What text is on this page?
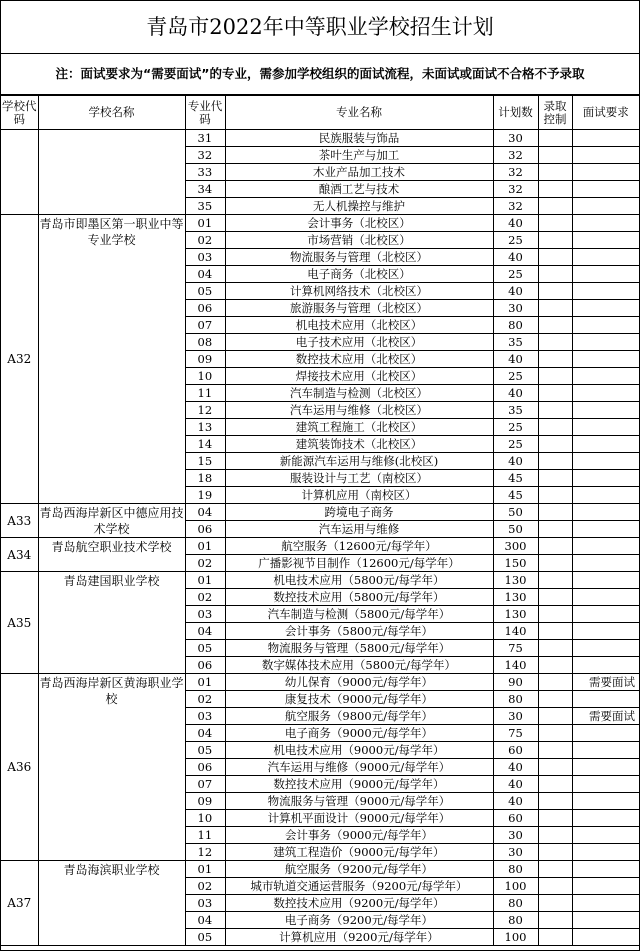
青岛市2022年中等职业学校招生计划
注：面试要求为“需要面试”的专业，需参加学校组织的面试流程，未面试或面试不合格不予录取
学校代码	学校名称	专业代码	专业名称	计划数	录取控制	面试要求
		31	民族服装与饰品	30		
		32	茶叶生产与加工	32		
		33	木业产品加工技术	32		
		34	酿酒工艺与技术	32		
		35	无人机操控与维护	32		
A32	青岛市即墨区第一职业中等专业学校	01	会计事务（北校区）	40		
		02	市场营销（北校区）	25		
		03	物流服务与管理（北校区）	40		
		04	电子商务（北校区）	25		
		05	计算机网络技术（北校区）	40		
		06	旅游服务与管理（北校区）	30		
		07	机电技术应用（北校区）	80		
		08	电子技术应用（北校区）	35		
		09	数控技术应用（北校区）	40		
		10	焊接技术应用（北校区）	25		
		11	汽车制造与检测（北校区）	40		
		12	汽车运用与维修（北校区）	35		
		13	建筑工程施工（北校区）	25		
		14	建筑装饰技术（北校区）	25		
		15	新能源汽车运用与维修(北校区)	40		
		18	服装设计与工艺（南校区）	45		
		19	计算机应用（南校区）	45		
A33	青岛西海岸新区中德应用技术学校	04	跨境电子商务	50		
		06	汽车运用与维修	50		
A34	青岛航空职业技术学校	01	航空服务（12600元/每学年）	300		
		02	广播影视节目制作（12600元/每学年）	150		
A35	青岛建国职业学校	01	机电技术应用（5800元/每学年）	130		
		02	数控技术应用（5800元/每学年）	130		
		03	汽车制造与检测（5800元/每学年）	130		
		04	会计事务（5800元/每学年）	140		
		05	物流服务与管理（5800元/每学年）	75		
		06	数字媒体技术应用（5800元/每学年）	140		
A36	青岛西海岸新区黄海职业学校	01	幼儿保育（9000元/每学年）	90		需要面试
		02	康复技术（9000元/每学年）	80		
		03	航空服务（9800元/每学年）	30		需要面试
		04	电子商务（9000元/每学年）	75		
		05	机电技术应用（9000元/每学年）	60		
		06	汽车运用与维修（9000元/每学年）	40		
		07	数控技术应用（9000元/每学年）	40		
		09	物流服务与管理（9000元/每学年）	40		
		10	计算机平面设计（9000元/每学年）	60		
		11	会计事务（9000元/每学年）	30		
		12	建筑工程造价（9000元/每学年）	30		
A37	青岛海滨职业学校	01	航空服务（9200元/每学年）	80		
		02	城市轨道交通运营服务（9200元/每学年）	100		
		03	数控技术应用（9200元/每学年）	80		
		04	电子商务（9200元/每学年）	80		
		05	计算机应用（9200元/每学年）	100		
